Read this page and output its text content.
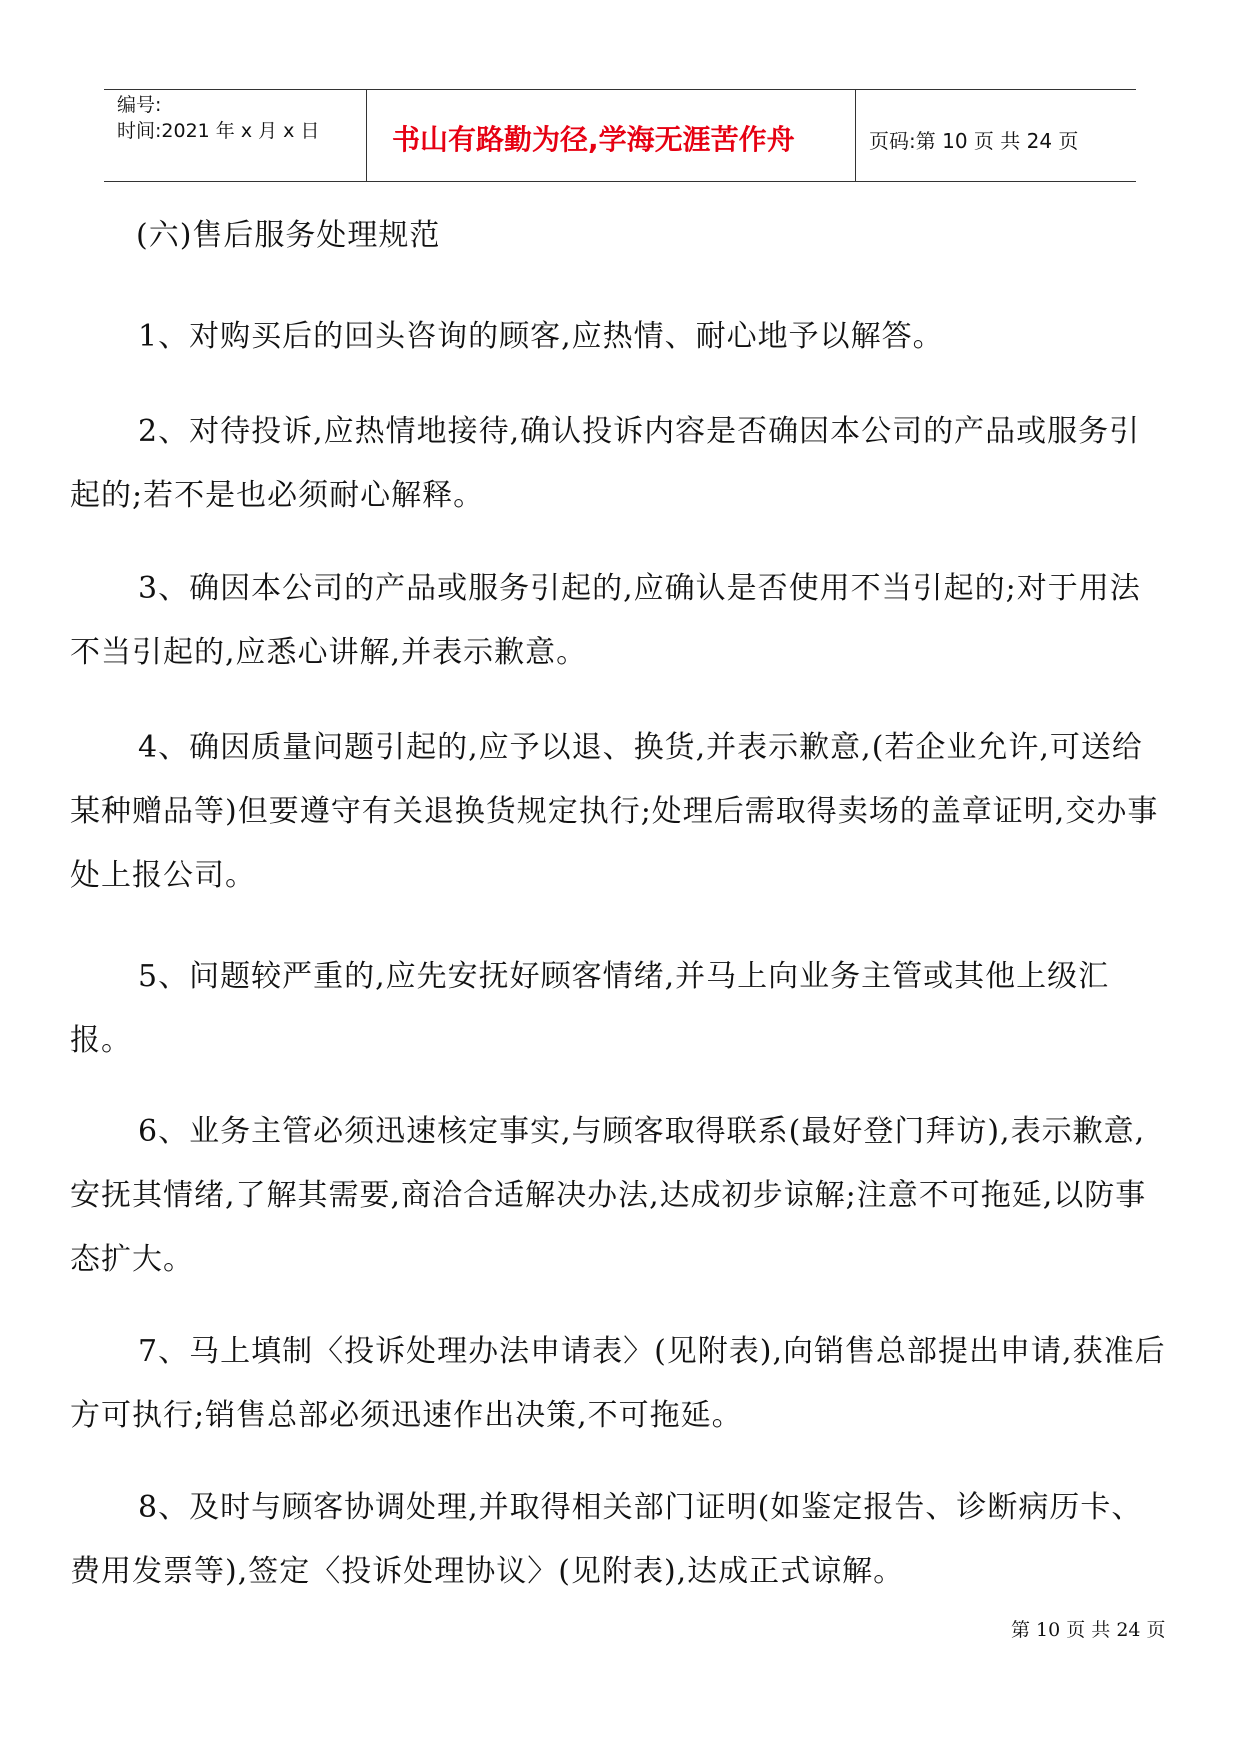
编号:
时间:2021 年 x 月 x 日	书山有路勤为径,学海无涯苦作舟	页码:第 10 页 共 24 页
(六)售后服务处理规范

1、对购买后的回头咨询的顾客,应热情、耐心地予以解答。

2、对待投诉,应热情地接待,确认投诉内容是否确因本公司的产品或服务引起的;若不是也必须耐心解释。

3、确因本公司的产品或服务引起的,应确认是否使用不当引起的;对于用法不当引起的,应悉心讲解,并表示歉意。

4、确因质量问题引起的,应予以退、换货,并表示歉意,(若企业允许,可送给某种赠品等)但要遵守有关退换货规定执行;处理后需取得卖场的盖章证明,交办事处上报公司。

5、问题较严重的,应先安抚好顾客情绪,并马上向业务主管或其他上级汇报。

6、业务主管必须迅速核定事实,与顾客取得联系(最好登门拜访),表示歉意,安抚其情绪,了解其需要,商洽合适解决办法,达成初步谅解;注意不可拖延,以防事态扩大。

7、马上填制〈投诉处理办法申请表〉(见附表),向销售总部提出申请,获准后方可执行;销售总部必须迅速作出决策,不可拖延。

8、及时与顾客协调处理,并取得相关部门证明(如鉴定报告、诊断病历卡、费用发票等),签定〈投诉处理协议〉(见附表),达成正式谅解。

第 10 页 共 24 页
